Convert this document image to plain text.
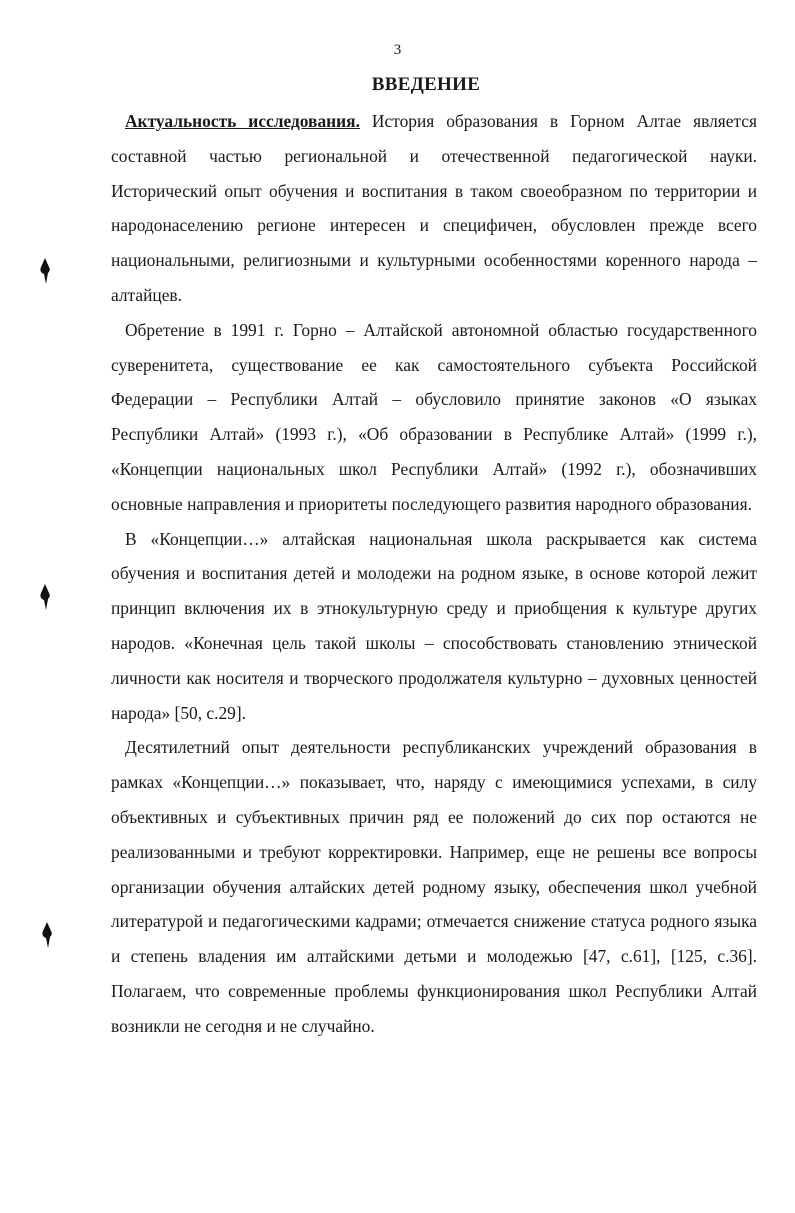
3
ВВЕДЕНИЕ

Актуальность исследования. История образования в Горном Алтае является составной частью региональной и отечественной педагогической науки. Исторический опыт обучения и воспитания в таком своеобразном по территории и народонаселению регионе интересен и специфичен, обусловлен прежде всего национальными, религиозными и культурными особенностями коренного народа – алтайцев.

Обретение в 1991 г. Горно – Алтайской автономной областью государственного суверенитета, существование ее как самостоятельного субъекта Российской Федерации – Республики Алтай – обусловило принятие законов «О языках Республики Алтай» (1993 г.), «Об образовании в Республике Алтай» (1999 г.), «Концепции национальных школ Республики Алтай» (1992 г.), обозначивших основные направления и приоритеты последующего развития народного образования.

В «Концепции…» алтайская национальная школа раскрывается как система обучения и воспитания детей и молодежи на родном языке, в основе которой лежит принцип включения их в этнокультурную среду и приобщения к культуре других народов. «Конечная цель такой школы – способствовать становлению этнической личности как носителя и творческого продолжателя культурно – духовных ценностей народа» [50, с.29].

Десятилетний опыт деятельности республиканских учреждений образования в рамках «Концепции…» показывает, что, наряду с имеющимися успехами, в силу объективных и субъективных причин ряд ее положений до сих пор остаются не реализованными и требуют корректировки. Например, еще не решены все вопросы организации обучения алтайских детей родному языку, обеспечения школ учебной литературой и педагогическими кадрами; отмечается снижение статуса родного языка и степень владения им алтайскими детьми и молодежью [47, с.61], [125, с.36]. Полагаем, что современные проблемы функционирования школ Республики Алтай возникли не сегодня и не случайно.
